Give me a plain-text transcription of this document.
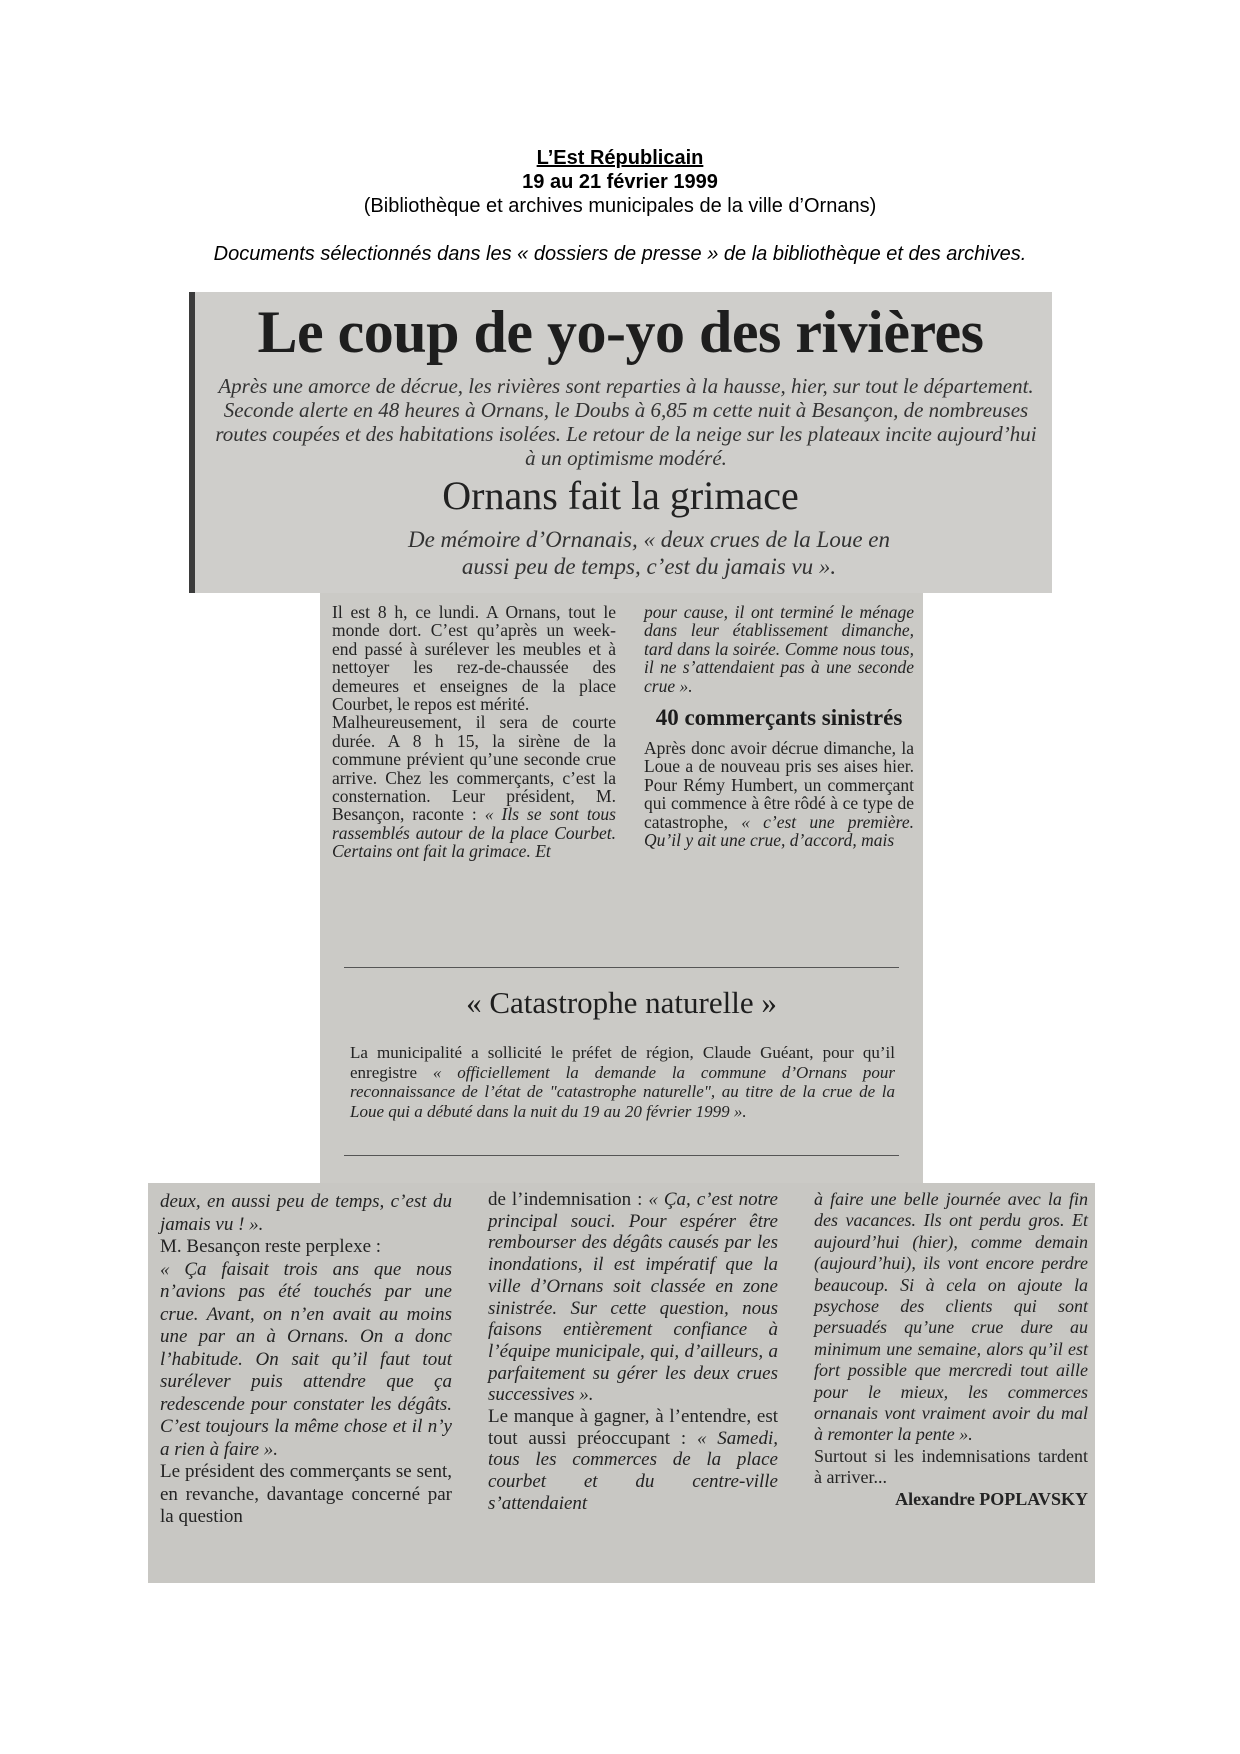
L’Est Républicain
19 au 21 février 1999
(Bibliothèque et archives municipales de la ville d’Ornans)
Documents sélectionnés dans les « dossiers de presse » de la bibliothèque et des archives.
Le coup de yo-yo des rivières
Après une amorce de décrue, les rivières sont reparties à la hausse, hier, sur tout le département. Seconde alerte en 48 heures à Ornans, le Doubs à 6,85 m cette nuit à Besançon, de nombreuses routes coupées et des habitations isolées. Le retour de la neige sur les plateaux incite aujourd’hui à un optimisme modéré.
Ornans fait la grimace
De mémoire d’Ornanais, « deux crues de la Loue en aussi peu de temps, c’est du jamais vu ».

Il est 8 h, ce lundi. A Ornans, tout le monde dort. C’est qu’après un week-end passé à surélever les meubles et à nettoyer les rez-de-chaussée des demeures et enseignes de la place Courbet, le repos est mérité.

Malheureusement, il sera de courte durée. A 8 h 15, la sirène de la commune prévient qu’une seconde crue arrive. Chez les commerçants, c’est la consternation. Leur président, M. Besançon, raconte : « Ils se sont tous rassemblés autour de la place Courbet. Certains ont fait la grimace. Et

pour cause, il ont terminé le ménage dans leur établissement dimanche, tard dans la soirée. Comme nous tous, il ne s’attendaient pas à une seconde crue ».

40 commerçants sinistrés

Après donc avoir décrue dimanche, la Loue a de nouveau pris ses aises hier. Pour Rémy Humbert, un commerçant qui commence à être rôdé à ce type de catastrophe, « c’est une première. Qu’il y ait une crue, d’accord, mais

« Catastrophe naturelle »
La municipalité a sollicité le préfet de région, Claude Guéant, pour qu’il enregistre « officiellement la demande la commune d’Ornans pour reconnaissance de l’état de "catastrophe naturelle", au titre de la crue de la Loue qui a débuté dans la nuit du 19 au 20 février 1999 ».

deux, en aussi peu de temps, c’est du jamais vu ! ».

M. Besançon reste perplexe :

« Ça faisait trois ans que nous n’avions pas été touchés par une crue. Avant, on n’en avait au moins une par an à Ornans. On a donc l’habitude. On sait qu’il faut tout surélever puis attendre que ça redescende pour constater les dégâts. C’est toujours la même chose et il n’y a rien à faire ».

Le président des commerçants se sent, en revanche, davantage concerné par la question

de l’indemnisation : « Ça, c’est notre principal souci. Pour espérer être rembourser des dégâts causés par les inondations, il est impératif que la ville d’Ornans soit classée en zone sinistrée. Sur cette question, nous faisons entièrement confiance à l’équipe municipale, qui, d’ailleurs, a parfaitement su gérer les deux crues successives ».

Le manque à gagner, à l’entendre, est tout aussi préoccupant : « Samedi, tous les commerces de la place courbet et du centre-ville s’attendaient

à faire une belle journée avec la fin des vacances. Ils ont perdu gros. Et aujourd’hui (hier), comme demain (aujourd’hui), ils vont encore perdre beaucoup. Si à cela on ajoute la psychose des clients qui sont persuadés qu’une crue dure au minimum une semaine, alors qu’il est fort possible que mercredi tout aille pour le mieux, les commerces ornanais vont vraiment avoir du mal à remonter la pente ».

Surtout si les indemnisations tardent à arriver...

Alexandre POPLAVSKY
